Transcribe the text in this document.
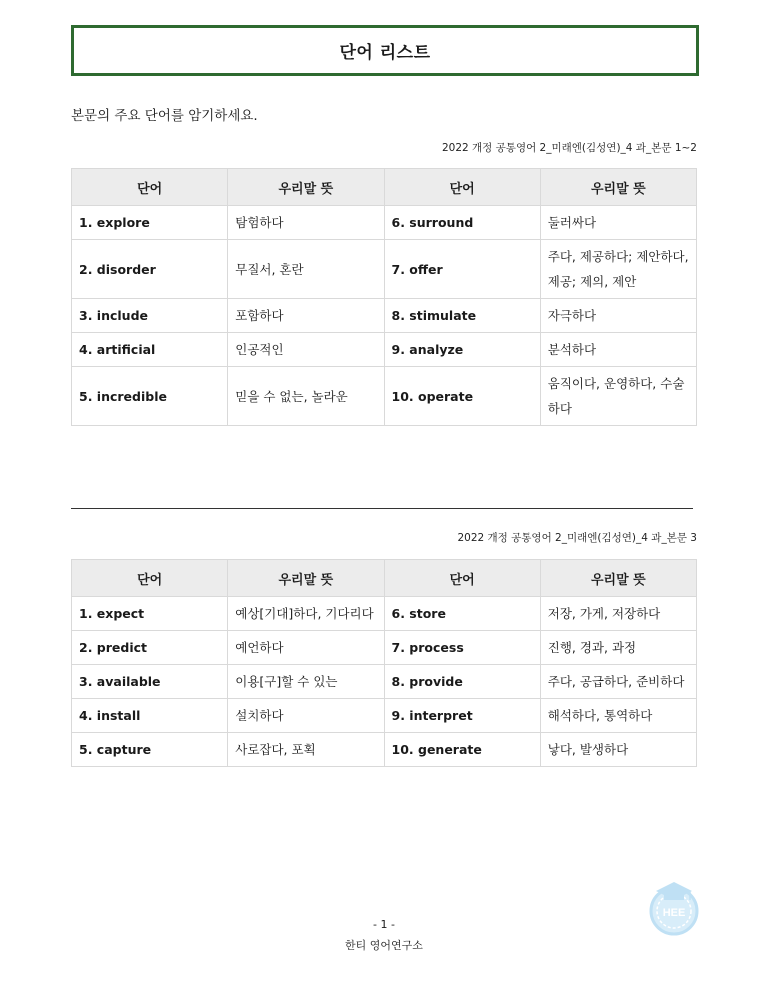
단어 리스트
본문의 주요 단어를 암기하세요.
2022 개정 공통영어 2_미래엔(김성연)_4 과_본문 1~2
단어	우리말 뜻	단어	우리말 뜻
1. explore	탐험하다	6. surround	둘러싸다
2. disorder	무질서, 혼란	7. offer	주다, 제공하다; 제안하다, 제공; 제의, 제안
3. include	포함하다	8. stimulate	자극하다
4. artificial	인공적인	9. analyze	분석하다
5. incredible	믿을 수 없는, 놀라운	10. operate	움직이다, 운영하다, 수술하다
2022 개정 공통영어 2_미래엔(김성연)_4 과_본문 3
단어	우리말 뜻	단어	우리말 뜻
1. expect	예상[기대]하다, 기다리다	6. store	저장, 가게, 저장하다
2. predict	예언하다	7. process	진행, 경과, 과정
3. available	이용[구]할 수 있는	8. provide	주다, 공급하다, 준비하다
4. install	설치하다	9. interpret	해석하다, 통역하다
5. capture	사로잡다, 포획	10. generate	낳다, 발생하다
- 1 -
한티 영어연구소
HEE
